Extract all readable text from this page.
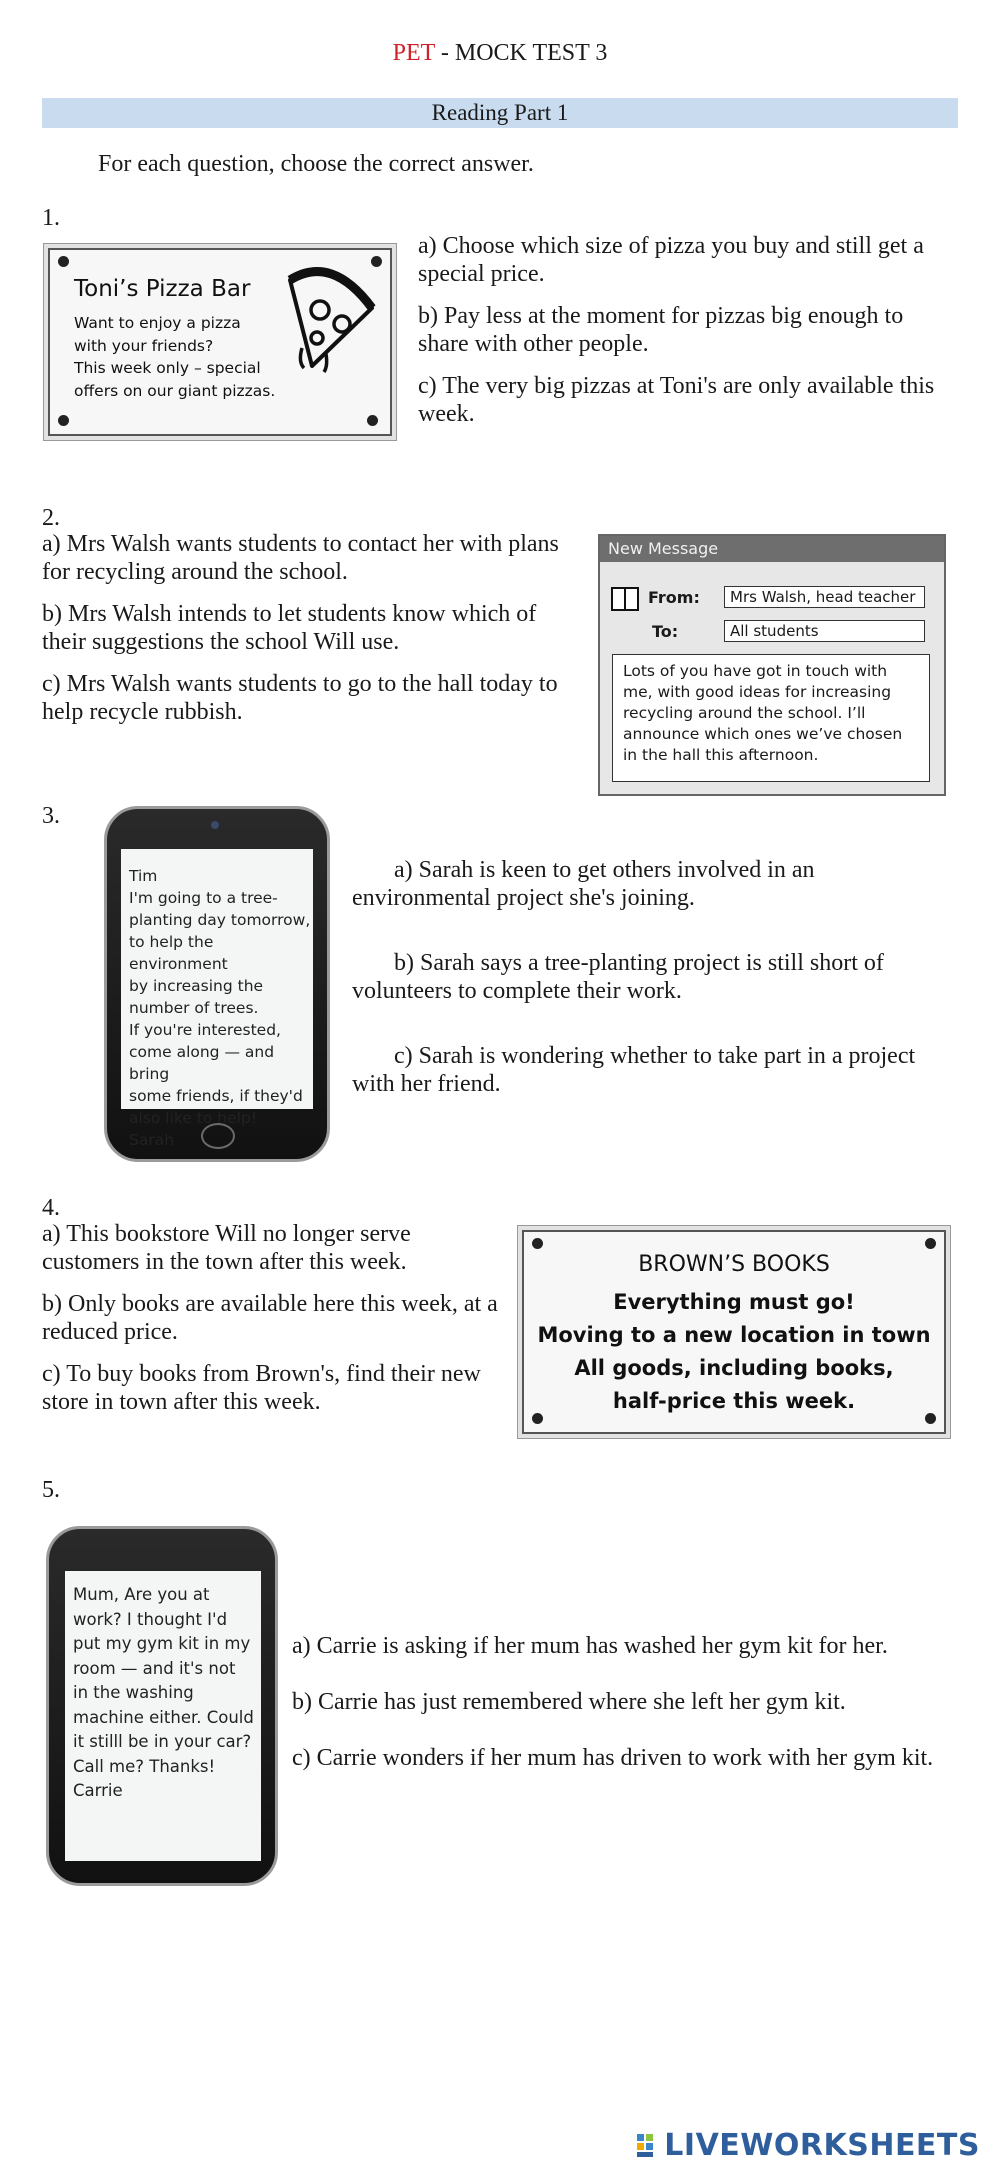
PET - MOCK TEST 3
Reading Part 1
For each question, choose the correct answer.
1.
Toni’s Pizza Bar
Want to enjoy a pizza
with your friends?
This week only – special
offers on our giant pizzas.

a) Choose which size of pizza you buy and still get a special price.

b) Pay less at the moment for pizzas big enough to share with other people.

c) The very big pizzas at Toni's are only available this week.

2.

a) Mrs Walsh wants students to contact her with plans for recycling around the school.

b) Mrs Walsh intends to let students know which of their suggestions the school Will use.

c) Mrs Walsh wants students to go to the hall today to help recycle rubbish.

New Message
From:	Mrs Walsh, head teacher
To:	All students
Lots of you have got in touch with
me, with good ideas for increasing
recycling around the school. I’ll
announce which ones we’ve chosen
in the hall this afternoon.
3.
Tim
I'm going to a tree-
planting day tomorrow,
to help the environment
by increasing the
number of trees.
If you're interested,
come along — and bring
some friends, if they'd
also like to help!
Sarah

a) Sarah is keen to get others involved in an environmental project she's joining.

b) Sarah says a tree-planting project is still short of volunteers to complete their work.

c) Sarah is wondering whether to take part in a project with her friend.

4.

a) This bookstore Will no longer serve customers in the town after this week.

b) Only books are available here this week, at a reduced price.

c) To buy books from Brown's, find their new store in town after this week.

BROWN’S BOOKS
Everything must go!
Moving to a new location in town
All goods, including books,
half-price this week.
5.
Mum, Are you at
work? I thought I'd
put my gym kit in my
room — and it's not
in the washing
machine either. Could
it stilll be in your car?
Call me? Thanks!
Carrie

a) Carrie is asking if her mum has washed her gym kit for her.

b) Carrie has just remembered where she left her gym kit.

c) Carrie wonders if her mum has driven to work with her gym kit.

LIVEWORKSHEETS
